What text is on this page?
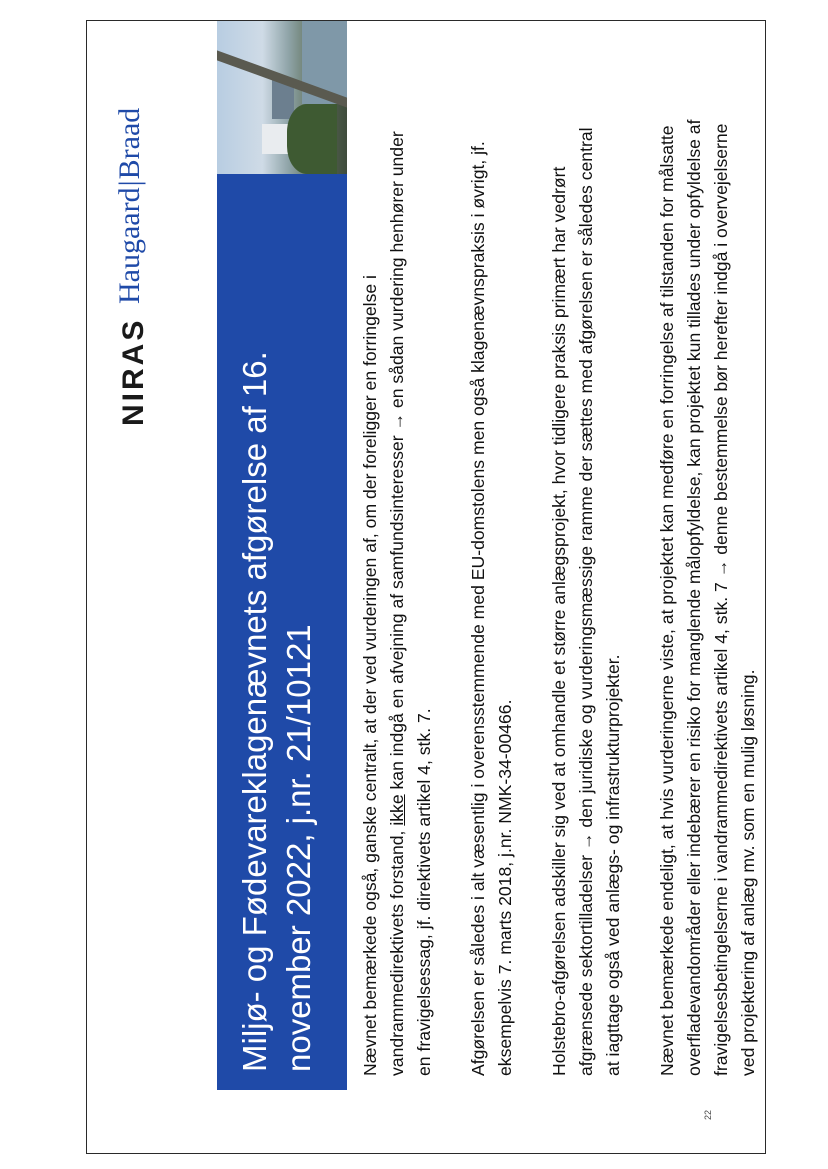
Miljø- og Fødevareklagenævnets afgørelse af 16. november 2022, j.nr. 21/10121
NIRAS
Haugaard|Braad

Nævnet bemærkede også, ganske centralt, at der ved vurderingen af, om der foreligger en forringelse i vandrammedirektivets forstand, ikke kan indgå en afvejning af samfundsinteresser → en sådan vurdering henhører under en fravigelsessag, jf. direktivets artikel 4, stk. 7. Afgørelsen er således i alt væsentlig i overensstemmende med EU-domstolens men også klagenævnspraksis i øvrigt, jf. eksempelvis 7. marts 2018, j.nr. NMK-34-00466. Holstebro-afgørelsen adskiller sig ved at omhandle et større anlægsprojekt, hvor tidligere praksis primært har vedrørt afgrænsede sektortilladelser → den juridiske og vurderingsmæssige ramme der sættes med afgørelsen er således central at iagttage også ved anlægs- og infrastrukturprojekter. Nævnet bemærkede endeligt, at hvis vurderingerne viste, at projektet kan medføre en forringelse af tilstanden for målsatte overfladevandområder eller indebærer en risiko for manglende målopfyldelse, kan projektet kun tillades under opfyldelse af fravigelsesbetingelserne i vandrammedirektivets artikel 4, stk. 7 → denne bestemmelse bør herefter indgå i overvejelserne ved projektering af anlæg mv. som en mulig løsning.

22
